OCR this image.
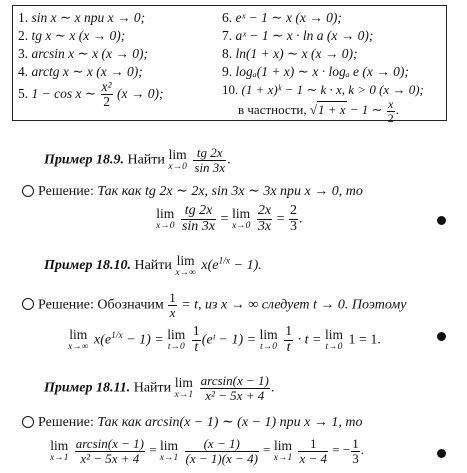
1. sin x ∼ x при x → 0;
2. tg x ∼ x (x → 0);
3. arcsin x ∼ x (x → 0);
4. arctg x ∼ x (x → 0);
5. 1 − cos x ∼ $\frac{\text{x²}}{2} (x \to 0)$;
6. eˣ − 1 ∼ x (x → 0);
7. aˣ − 1 ∼ x · ln a (x → 0);
8. ln(1 + x) ∼ x (x → 0);
9. logₐ(1 + x) ∼ x · logₐ e (x → 0);
10. (1 + x)ᵏ − 1 ∼ k · x, k > 0 (x → 0);
в частности, √1 + x − 1 ∼ $\frac{x}{2}$ .
Пример 18.9. Найти lim
x→0
$\frac{tg 2x}{\sin 3x}$ .
Решение: Так как tg 2x ∼ 2x, sin 3x ∼ 3x при x → 0, то
lim
x→0
$\frac{tg 2x}{\sin 3x} = \lim$
x→0
$\frac{2x}{3x} = \frac{2}{3}$ .
Пример 18.10. Найти lim
x→∞ $x(e^{1/x} - 1)$.
Решение: Обозначим $\frac{1}{x} = t$, из x → ∞ следует t → 0. Поэтому
lim
x→∞ $x(e^{1/x} - 1) = \lim$
t→0
$\frac{1}{t}$ (eᵗ − 1) = lim
t→0
$\frac{1}{t} \cdot t = \lim$
t→0 1 = 1.
Пример 18.11. Найти lim
x→1
$\frac{\arcsin(x - 1)}{\text{x² − 5x + 4}}$ .
Решение: Так как arcsin(x − 1) ∼ (x − 1) при x → 1, то
lim
x→1
$\frac{\arcsin(x - 1)}{\text{x² − 5x + 4}} = \lim$
x→1
$\frac{(x - 1)}{(x - 1)(x - 4)} = \lim$
x→1
$\frac{1}{x - 4}$ = − $\frac{1}{3}$ .
